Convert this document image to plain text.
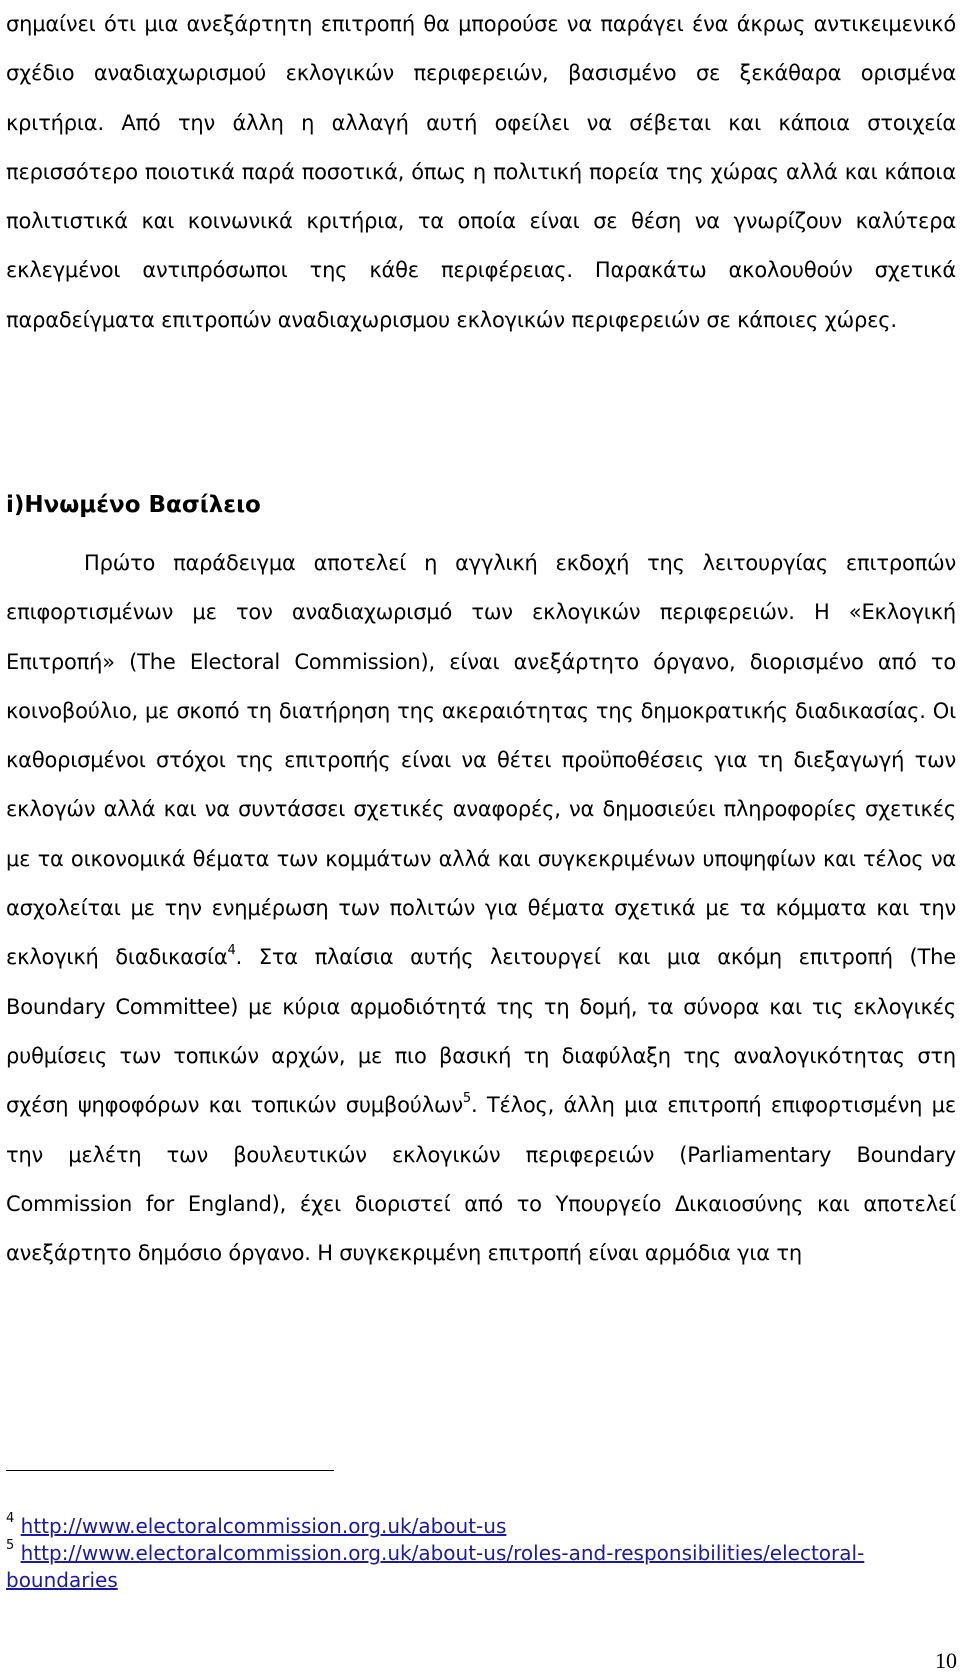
σημαίνει ότι μια ανεξάρτητη επιτροπή θα μπορούσε να παράγει ένα άκρως αντικειμενικό σχέδιο αναδιαχωρισμού εκλογικών περιφερειών, βασισμένο σε ξεκάθαρα ορισμένα κριτήρια. Από την άλλη η αλλαγή αυτή οφείλει να σέβεται και κάποια στοιχεία περισσότερο ποιοτικά παρά ποσοτικά, όπως η πολιτική πορεία της χώρας αλλά και κάποια πολιτιστικά και κοινωνικά κριτήρια, τα οποία είναι σε θέση να γνωρίζουν καλύτερα εκλεγμένοι αντιπρόσωποι της κάθε περιφέρειας. Παρακάτω ακολουθούν σχετικά παραδείγματα επιτροπών αναδιαχωρισμου εκλογικών περιφερειών σε κάποιες χώρες.
i)Ηνωμένο Βασίλειο
Πρώτο παράδειγμα αποτελεί η αγγλική εκδοχή της λειτουργίας επιτροπών επιφορτισμένων με τον αναδιαχωρισμό των εκλογικών περιφερειών. Η «Εκλογική Επιτροπή» (The Electoral Commission), είναι ανεξάρτητο όργανο, διορισμένο από το κοινοβούλιο, με σκοπό τη διατήρηση της ακεραιότητας της δημοκρατικής διαδικασίας. Οι καθορισμένοι στόχοι της επιτροπής είναι να θέτει προϋποθέσεις για τη διεξαγωγή των εκλογών αλλά και να συντάσσει σχετικές αναφορές, να δημοσιεύει πληροφορίες σχετικές με τα οικονομικά θέματα των κομμάτων αλλά και συγκεκριμένων υποψηφίων και τέλος να ασχολείται με την ενημέρωση των πολιτών για θέματα σχετικά με τα κόμματα και την εκλογική διαδικασία$^4$. Στα πλαίσια αυτής λειτουργεί και μια ακόμη επιτροπή (The Boundary Committee) με κύρια αρμοδιότητά της τη δομή, τα σύνορα και τις εκλογικές ρυθμίσεις των τοπικών αρχών, με πιο βασική τη διαφύλαξη της αναλογικότητας στη σχέση ψηφοφόρων και τοπικών συμβούλων$^5$. Τέλος, άλλη μια επιτροπή επιφορτισμένη με την μελέτη των βουλευτικών εκλογικών περιφερειών (Parliamentary Boundary Commission for England), έχει διοριστεί από το Υπουργείο Δικαιοσύνης και αποτελεί ανεξάρτητο δημόσιο όργανο. Η συγκεκριμένη επιτροπή είναι αρμόδια για τη
$^4$ http://www.electoralcommission.org.uk/about-us
$^5$ http://www.electoralcommission.org.uk/about-us/roles-and-responsibilities/electoral-boundaries
10
